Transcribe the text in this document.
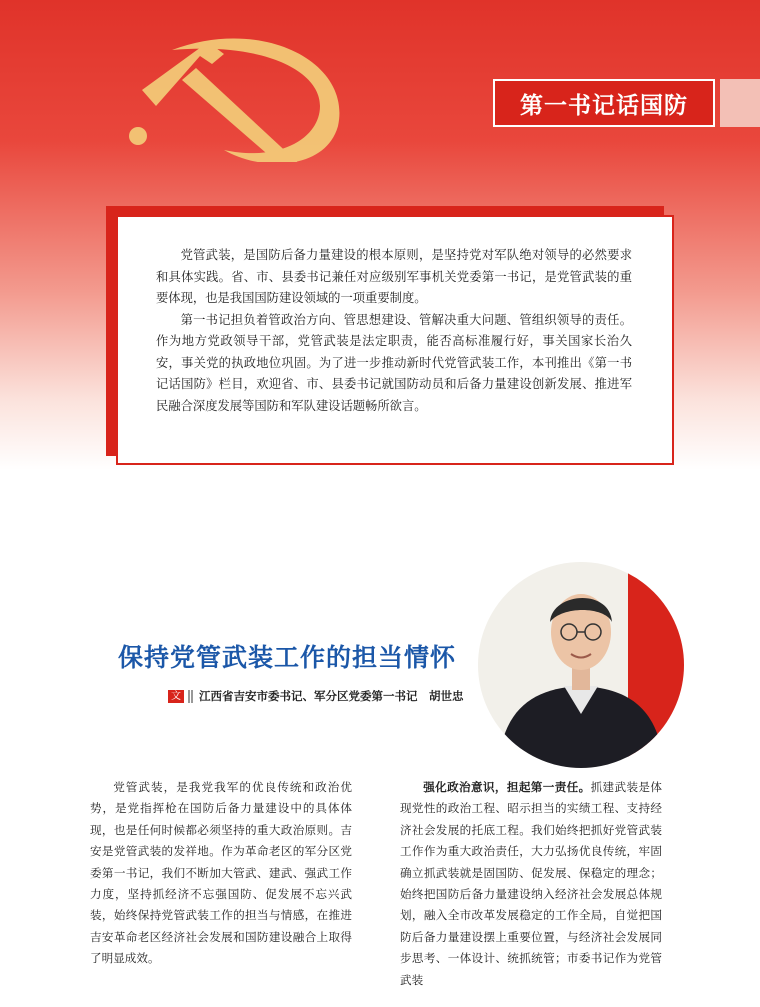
第一书记话国防

党管武装，是国防后备力量建设的根本原则，是坚持党对军队绝对领导的必然要求和具体实践。省、市、县委书记兼任对应级别军事机关党委第一书记，是党管武装的重要体现，也是我国国防建设领域的一项重要制度。

第一书记担负着管政治方向、管思想建设、管解决重大问题、管组织领导的责任。作为地方党政领导干部，党管武装是法定职责，能否高标准履行好，事关国家长治久安，事关党的执政地位巩固。为了进一步推动新时代党管武装工作，本刊推出《第一书记话国防》栏目，欢迎省、市、县委书记就国防动员和后备力量建设创新发展、推进军民融合深度发展等国防和军队建设话题畅所欲言。

保持党管武装工作的担当情怀
文 江西省吉安市委书记、军分区党委第一书记　胡世忠

党管武装，是我党我军的优良传统和政治优势，是党指挥枪在国防后备力量建设中的具体体现，也是任何时候都必须坚持的重大政治原则。吉安是党管武装的发祥地。作为革命老区的军分区党委第一书记，我们不断加大管武、建武、强武工作力度，坚持抓经济不忘强国防、促发展不忘兴武装，始终保持党管武装工作的担当与情感，在推进吉安革命老区经济社会发展和国防建设融合上取得了明显成效。

强化政治意识，担起第一责任。抓建武装是体现党性的政治工程、昭示担当的实绩工程、支持经济社会发展的托底工程。我们始终把抓好党管武装工作作为重大政治责任，大力弘扬优良传统，牢固确立抓武装就是固国防、促发展、保稳定的理念；始终把国防后备力量建设纳入经济社会发展总体规划，融入全市改革发展稳定的工作全局，自觉把国防后备力量建设摆上重要位置，与经济社会发展同步思考、一体设计、统抓统管；市委书记作为党管武装
